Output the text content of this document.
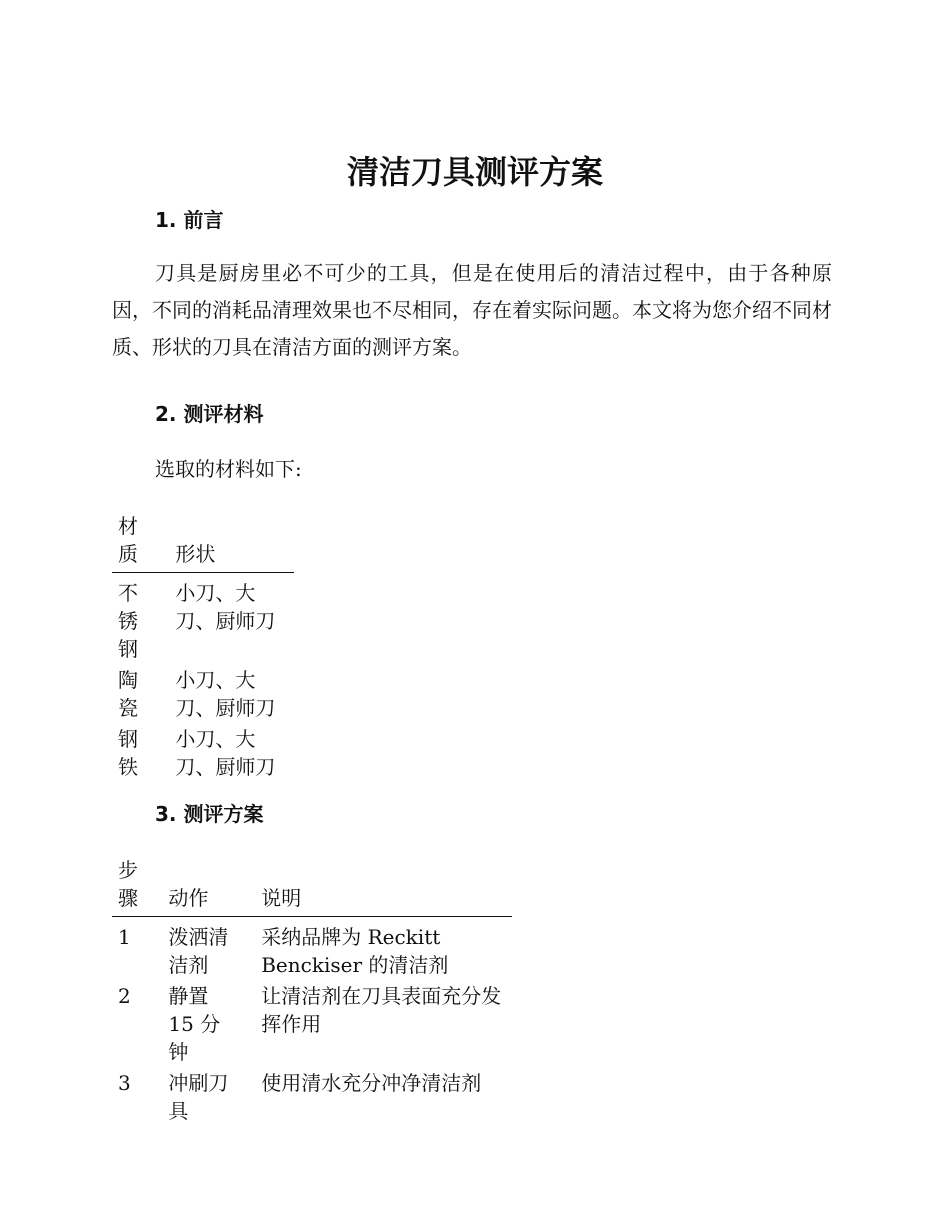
清洁刀具测评方案
1. 前言

刀具是厨房里必不可少的工具，但是在使用后的清洁过程中，由于各种原因，不同的消耗品清理效果也不尽相同，存在着实际问题。本文将为您介绍不同材质、形状的刀具在清洁方面的测评方案。

2. 测评材料

选取的材料如下:

材质	形状
不锈钢	小刀、大刀、厨师刀
陶瓷	小刀、大刀、厨师刀
钢铁	小刀、大刀、厨师刀
3. 测评方案
步骤	动作	说明
1	泼洒清洁剂	采纳品牌为 Reckitt Benckiser 的清洁剂
2	静置 15 分钟	让清洁剂在刀具表面充分发挥作用
3	冲刷刀具	使用清水充分冲净清洁剂
